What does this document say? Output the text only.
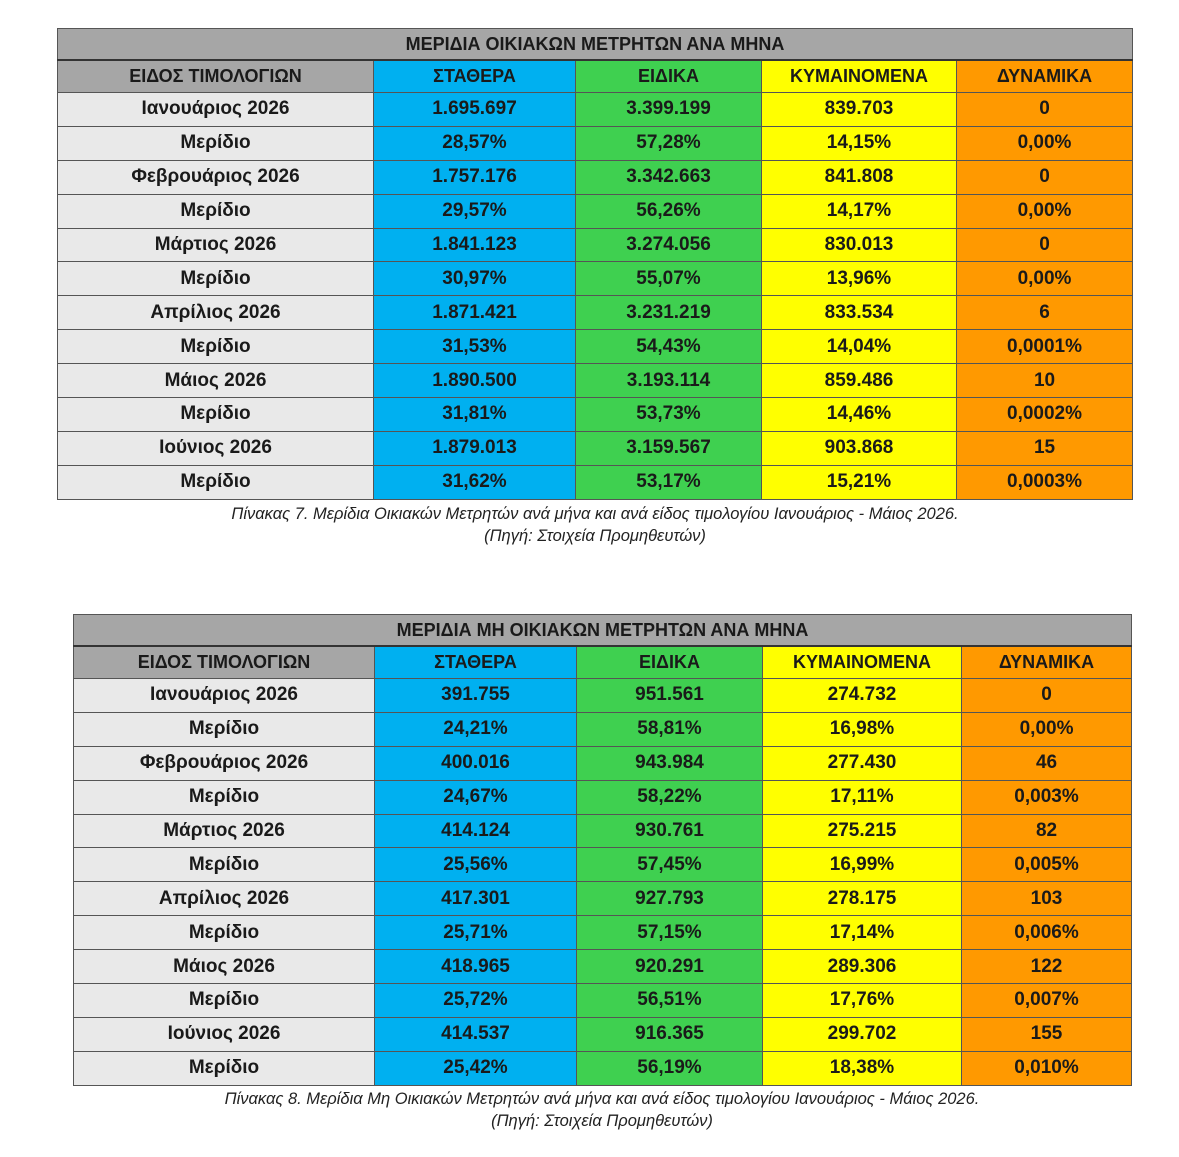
ΜΕΡΙΔΙΑ ΟΙΚΙΑΚΩΝ ΜΕΤΡΗΤΩΝ ΑΝΑ ΜΗΝΑ				
ΕΙΔΟΣ ΤΙΜΟΛΟΓΙΩΝ	ΣΤΑΘΕΡΑ	ΕΙΔΙΚΑ	ΚΥΜΑΙΝΟΜΕΝΑ	ΔΥΝΑΜΙΚΑ
Ιανουάριος 2026	1.695.697	3.399.199	839.703	0
Μερίδιο	28,57%	57,28%	14,15%	0,00%
Φεβρουάριος 2026	1.757.176	3.342.663	841.808	0
Μερίδιο	29,57%	56,26%	14,17%	0,00%
Μάρτιος 2026	1.841.123	3.274.056	830.013	0
Μερίδιο	30,97%	55,07%	13,96%	0,00%
Απρίλιος 2026	1.871.421	3.231.219	833.534	6
Μερίδιο	31,53%	54,43%	14,04%	0,0001%
Μάιος 2026	1.890.500	3.193.114	859.486	10
Μερίδιο	31,81%	53,73%	14,46%	0,0002%
Ιούνιος 2026	1.879.013	3.159.567	903.868	15
Μερίδιο	31,62%	53,17%	15,21%	0,0003%
Πίνακας 7. Μερίδια Οικιακών Μετρητών ανά μήνα και ανά είδος τιμολογίου Ιανουάριος - Μάιος 2026.
(Πηγή: Στοιχεία Προμηθευτών)
ΜΕΡΙΔΙΑ ΜΗ ΟΙΚΙΑΚΩΝ ΜΕΤΡΗΤΩΝ ΑΝΑ ΜΗΝΑ				
ΕΙΔΟΣ ΤΙΜΟΛΟΓΙΩΝ	ΣΤΑΘΕΡΑ	ΕΙΔΙΚΑ	ΚΥΜΑΙΝΟΜΕΝΑ	ΔΥΝΑΜΙΚΑ
Ιανουάριος 2026	391.755	951.561	274.732	0
Μερίδιο	24,21%	58,81%	16,98%	0,00%
Φεβρουάριος 2026	400.016	943.984	277.430	46
Μερίδιο	24,67%	58,22%	17,11%	0,003%
Μάρτιος 2026	414.124	930.761	275.215	82
Μερίδιο	25,56%	57,45%	16,99%	0,005%
Απρίλιος 2026	417.301	927.793	278.175	103
Μερίδιο	25,71%	57,15%	17,14%	0,006%
Μάιος 2026	418.965	920.291	289.306	122
Μερίδιο	25,72%	56,51%	17,76%	0,007%
Ιούνιος 2026	414.537	916.365	299.702	155
Μερίδιο	25,42%	56,19%	18,38%	0,010%
Πίνακας 8. Μερίδια Μη Οικιακών Μετρητών ανά μήνα και ανά είδος τιμολογίου Ιανουάριος - Μάιος 2026.
(Πηγή: Στοιχεία Προμηθευτών)
